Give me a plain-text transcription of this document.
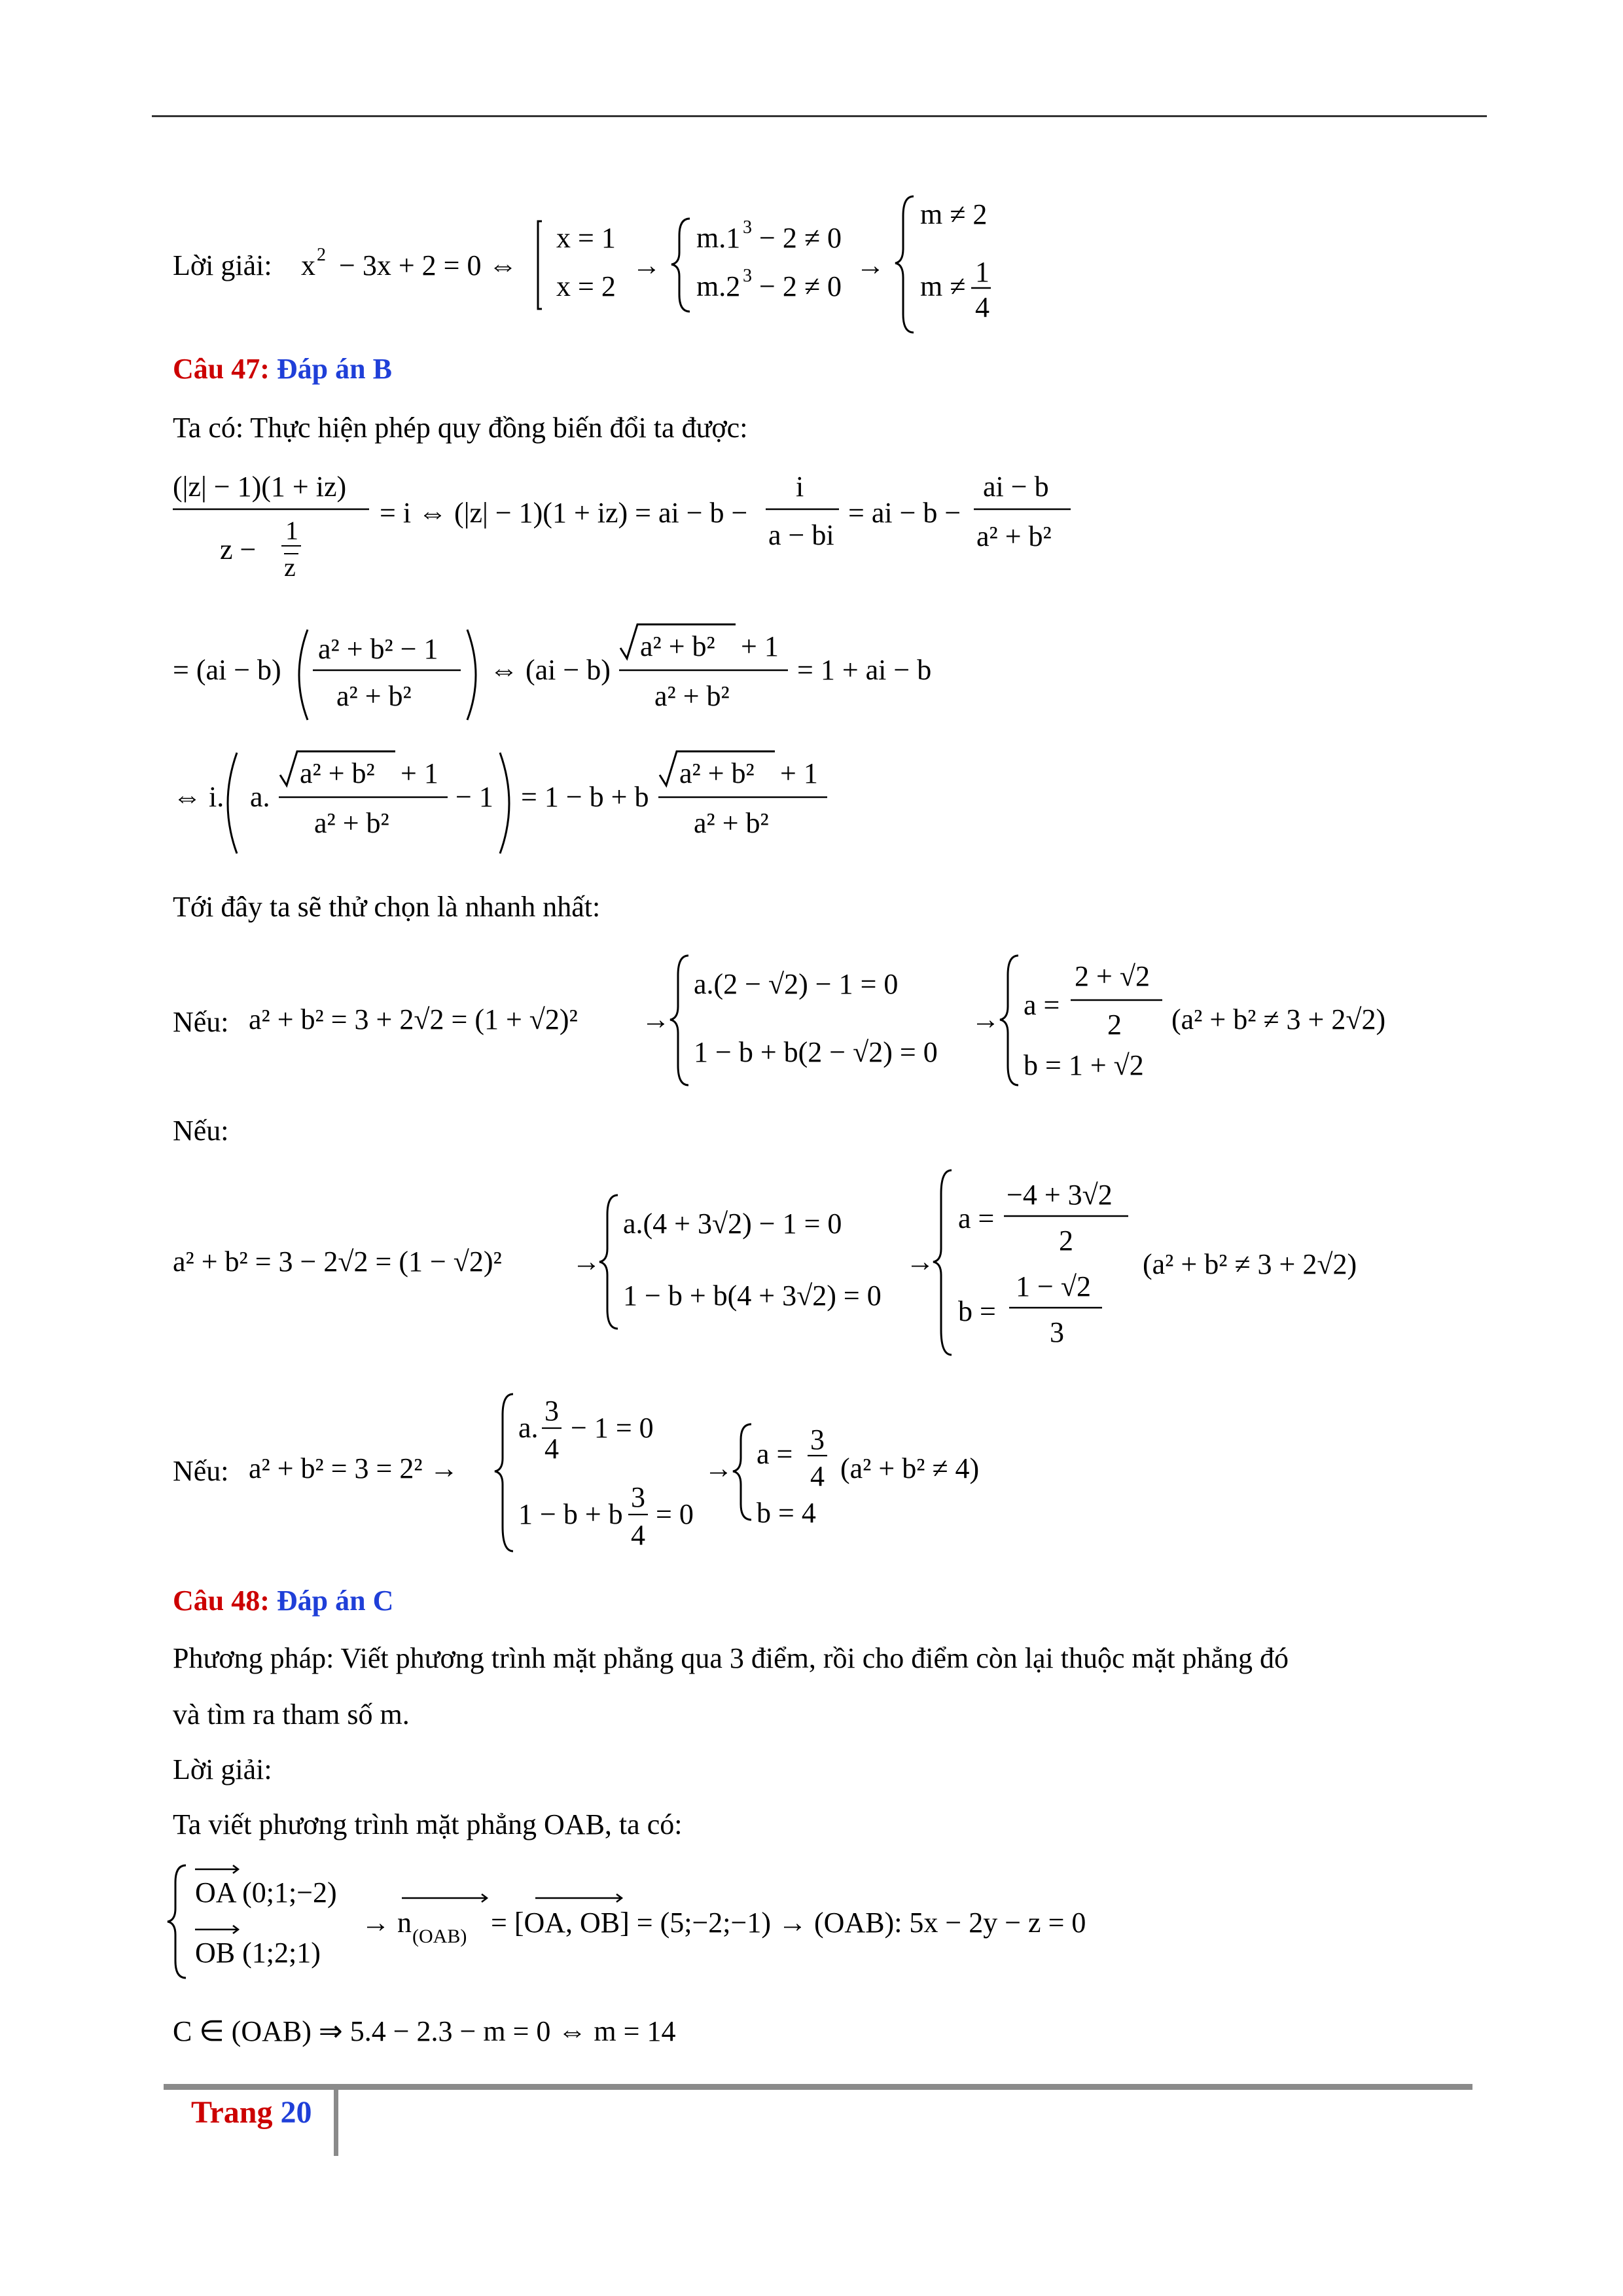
Lời giải: x 2 − 3x + 2 = 0 ⇔
x = 1
x = 2
→
m.1 3 − 2 ≠ 0
m.2 3 − 2 ≠ 0
→
m ≠ 2
m ≠ 1
4
Câu 47: Đáp án B
Ta có: Thực hiện phép quy đồng biến đổi ta được:
(|z| − 1)(1 + iz)
z −
1
z
= i ⇔ (|z| − 1)(1 + iz) = ai − b −
i
a − bi
= ai − b −
ai − b
a² + b²
= (ai − b)
a² + b² − 1
a² + b²
⇔ (ai − b)
a² + b² + 1
a² + b²
= 1 + ai − b
⇔ i. a.
a² + b² + 1
a² + b²
− 1 = 1 − b + b
a² + b² + 1
a² + b²
Tới đây ta sẽ thử chọn là nhanh nhất:
Nếu: a² + b² = 3 + 2√2 = (1 + √2)² →
a.(2 − √2) − 1 = 0
1 − b + b(2 − √2) = 0
→ a =
2 + √2
2
b = 1 + √2
(a² + b² ≠ 3 + 2√2)
Nếu:
a² + b² = 3 − 2√2 = (1 − √2)² →
a.(4 + 3√2) − 1 = 0
1 − b + b(4 + 3√2) = 0
→
a =
−4 + 3√2
2
b =
1 − √2
3
(a² + b² ≠ 3 + 2√2)
Nếu: a² + b² = 3 = 2² →
a.
3
4
− 1 = 0
1 − b + b
3
4
= 0
→ a = 3
4
b = 4
(a² + b² ≠ 4)
Câu 48: Đáp án C
Phương pháp: Viết phương trình mặt phẳng qua 3 điểm, rồi cho điểm còn lại thuộc mặt phẳng đó
và tìm ra tham số m.
Lời giải:
Ta viết phương trình mặt phẳng OAB, ta có:
OA (0;1;−2)
OB (1;2;1)
→ n (OAB) = [OA, OB] = (5;−2;−1) → (OAB): 5x − 2y − z = 0
C ∈ (OAB) ⇒ 5.4 − 2.3 − m = 0 ⇔ m = 14
Trang 20
